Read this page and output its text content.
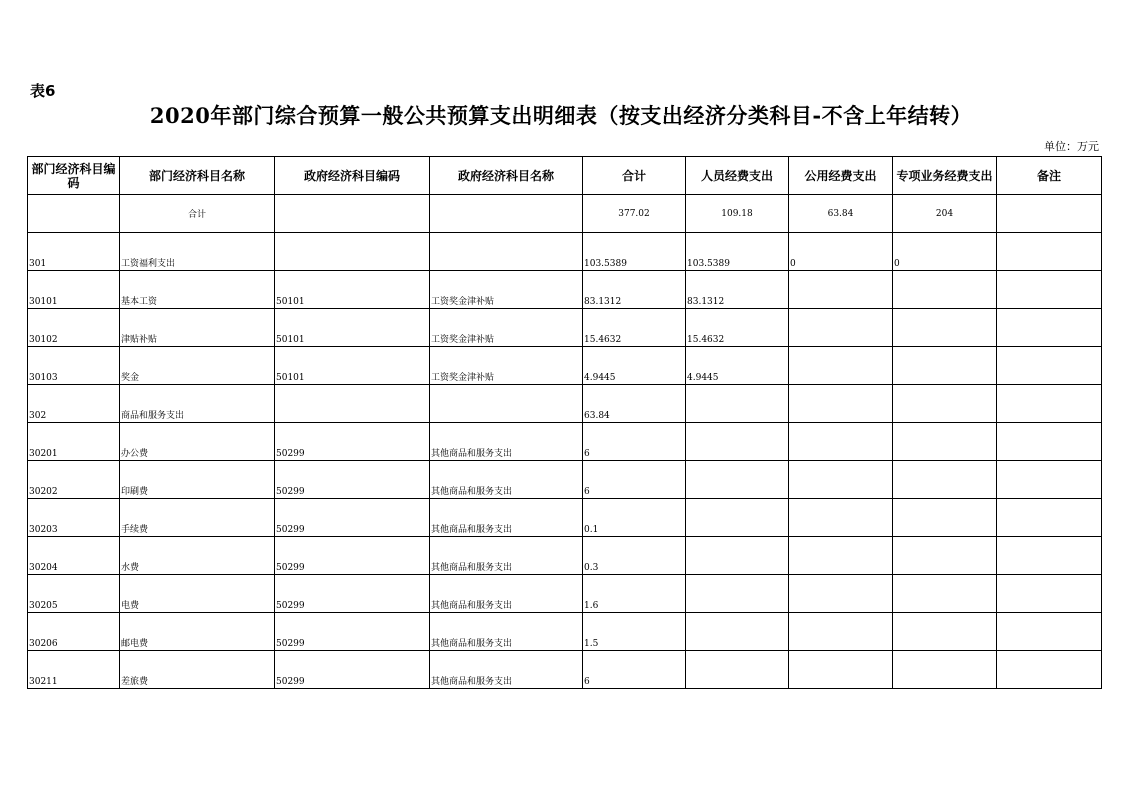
表6
2020年部门综合预算一般公共预算支出明细表（按支出经济分类科目-不含上年结转）
单位：万元
部门经济科目编码	部门经济科目名称	政府经济科目编码	政府经济科目名称	合计	人员经费支出	公用经费支出	专项业务经费支出	备注
	合计			377.02	109.18	63.84	204	
301	工资福利支出			103.5389	103.5389	0	0	
30101	基本工资	50101	工资奖金津补贴	83.1312	83.1312			
30102	津贴补贴	50101	工资奖金津补贴	15.4632	15.4632			
30103	奖金	50101	工资奖金津补贴	4.9445	4.9445			
302	商品和服务支出			63.84				
30201	办公费	50299	其他商品和服务支出	6				
30202	印刷费	50299	其他商品和服务支出	6				
30203	手续费	50299	其他商品和服务支出	0.1				
30204	水费	50299	其他商品和服务支出	0.3				
30205	电费	50299	其他商品和服务支出	1.6				
30206	邮电费	50299	其他商品和服务支出	1.5				
30211	差旅费	50299	其他商品和服务支出	6				
